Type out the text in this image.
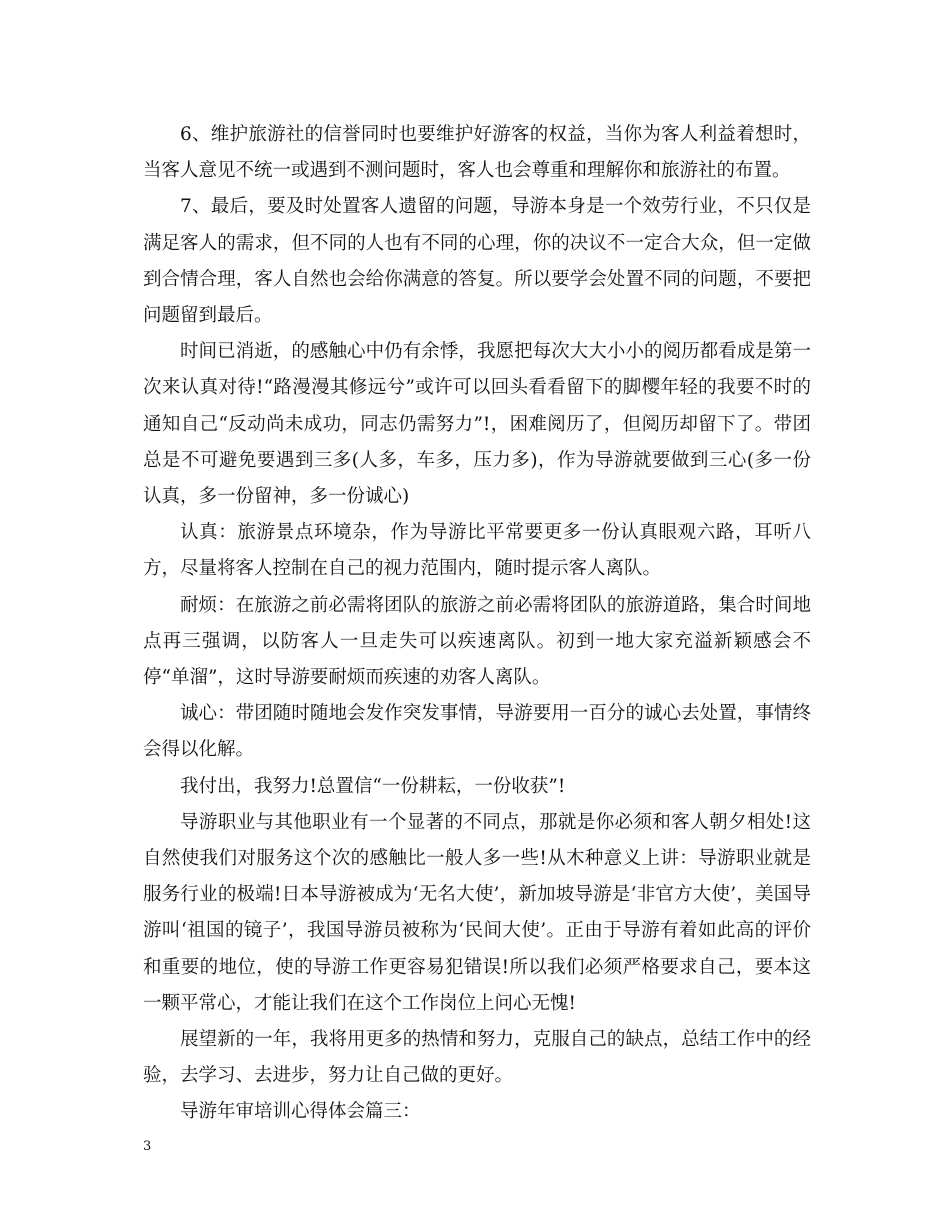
6、维护旅游社的信誉同时也要维护好游客的权益，当你为客人利益着想时，当客人意见不统一或遇到不测问题时，客人也会尊重和理解你和旅游社的布置。

7、最后，要及时处置客人遗留的问题，导游本身是一个效劳行业，不只仅是满足客人的需求，但不同的人也有不同的心理，你的决议不一定合大众，但一定做到合情合理，客人自然也会给你满意的答复。所以要学会处置不同的问题，不要把问题留到最后。

时间已消逝，的感触心中仍有余悸，我愿把每次大大小小的阅历都看成是第一次来认真对待!“路漫漫其修远兮”或许可以回头看看留下的脚樱年轻的我要不时的通知自己“反动尚未成功，同志仍需努力”!，困难阅历了，但阅历却留下了。带团总是不可避免要遇到三多(人多，车多，压力多)，作为导游就要做到三心(多一份认真，多一份留神，多一份诚心)

认真：旅游景点环境杂，作为导游比平常要更多一份认真眼观六路，耳听八方，尽量将客人控制在自己的视力范围内，随时提示客人离队。

耐烦：在旅游之前必需将团队的旅游之前必需将团队的旅游道路，集合时间地点再三强调，以防客人一旦走失可以疾速离队。初到一地大家充溢新颖感会不停“单溜”，这时导游要耐烦而疾速的劝客人离队。

诚心：带团随时随地会发作突发事情，导游要用一百分的诚心去处置，事情终会得以化解。

我付出，我努力!总置信“一份耕耘，一份收获”!

导游职业与其他职业有一个显著的不同点，那就是你必须和客人朝夕相处!这自然使我们对服务这个次的感触比一般人多一些!从木种意义上讲：导游职业就是服务行业的极端!日本导游被成为‘无名大使’，新加坡导游是‘非官方大使’，美国导游叫‘祖国的镜子’，我国导游员被称为‘民间大使’。正由于导游有着如此高的评价和重要的地位，使的导游工作更容易犯错误!所以我们必须严格要求自己，要本这一颗平常心，才能让我们在这个工作岗位上问心无愧!

展望新的一年，我将用更多的热情和努力，克服自己的缺点，总结工作中的经验，去学习、去进步，努力让自己做的更好。

导游年审培训心得体会篇三：

3
